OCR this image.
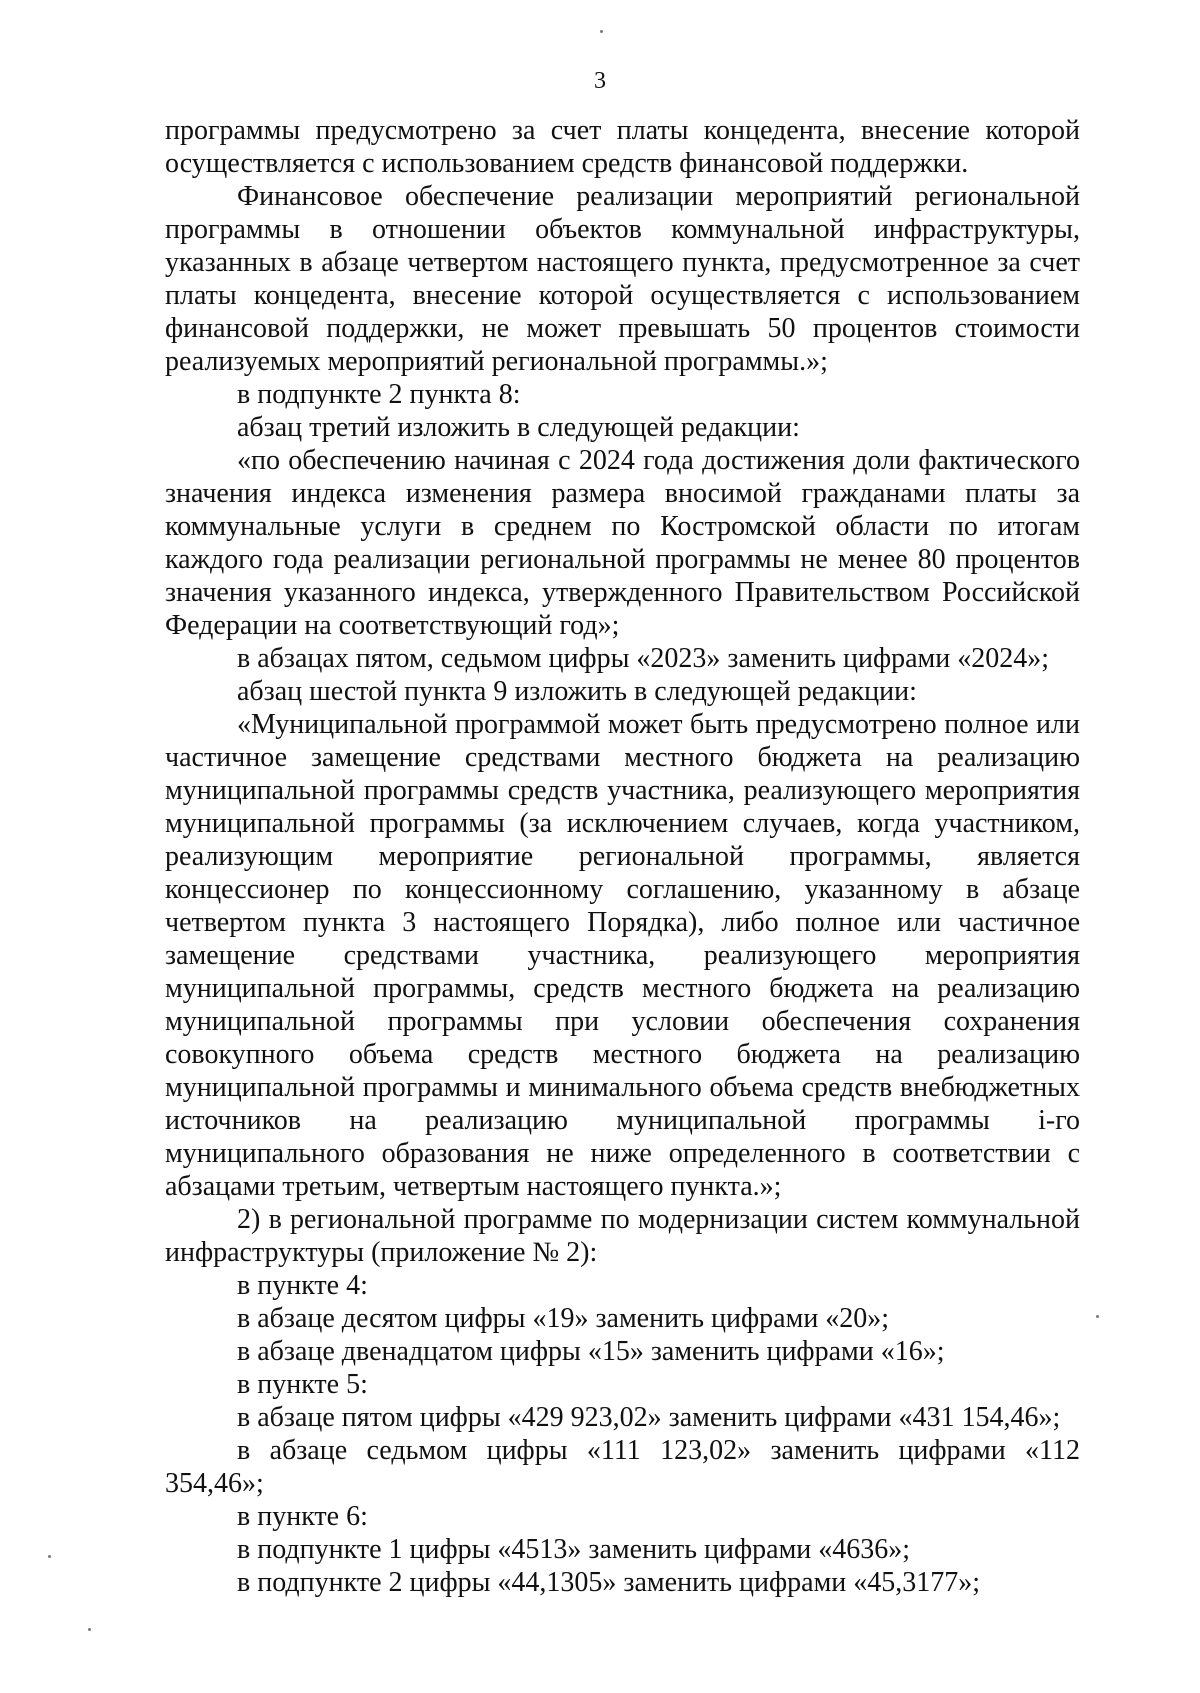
3

программы предусмотрено за счет платы концедента, внесение которой осуществляется с использованием средств финансовой поддержки.

Финансовое обеспечение реализации мероприятий региональной программы в отношении объектов коммунальной инфраструктуры, указанных в абзаце четвертом настоящего пункта, предусмотренное за счет платы концедента, внесение которой осуществляется с использованием финансовой поддержки, не может превышать 50 процентов стоимости реализуемых мероприятий региональной программы.»;

в подпункте 2 пункта 8:

абзац третий изложить в следующей редакции:

«по обеспечению начиная с 2024 года достижения доли фактического значения индекса изменения размера вносимой гражданами платы за коммунальные услуги в среднем по Костромской области по итогам каждого года реализации региональной программы не менее 80 процентов значения указанного индекса, утвержденного Правительством Российской Федерации на соответствующий год»;

в абзацах пятом, седьмом цифры «2023» заменить цифрами «2024»;

абзац шестой пункта 9 изложить в следующей редакции:

«Муниципальной программой может быть предусмотрено полное или частичное замещение средствами местного бюджета на реализацию муниципальной программы средств участника, реализующего мероприятия муниципальной программы (за исключением случаев, когда участником, реализующим мероприятие региональной программы, является концессионер по концессионному соглашению, указанному в абзаце четвертом пункта 3 настоящего Порядка), либо полное или частичное замещение средствами участника, реализующего мероприятия муниципальной программы, средств местного бюджета на реализацию муниципальной программы при условии обеспечения сохранения совокупного объема средств местного бюджета на реализацию муниципальной программы и минимального объема средств внебюджетных источников на реализацию муниципальной программы i-го муниципального образования не ниже определенного в соответствии с абзацами третьим, четвертым настоящего пункта.»;

2) в региональной программе по модернизации систем коммунальной инфраструктуры (приложение № 2):

в пункте 4:

в абзаце десятом цифры «19» заменить цифрами «20»;

в абзаце двенадцатом цифры «15» заменить цифрами «16»;

в пункте 5:

в абзаце пятом цифры «429 923,02» заменить цифрами «431 154,46»;

в абзаце седьмом цифры «111 123,02» заменить цифрами «112 354,46»;

в пункте 6:

в подпункте 1 цифры «4513» заменить цифрами «4636»;

в подпункте 2 цифры «44,1305» заменить цифрами «45,3177»;
